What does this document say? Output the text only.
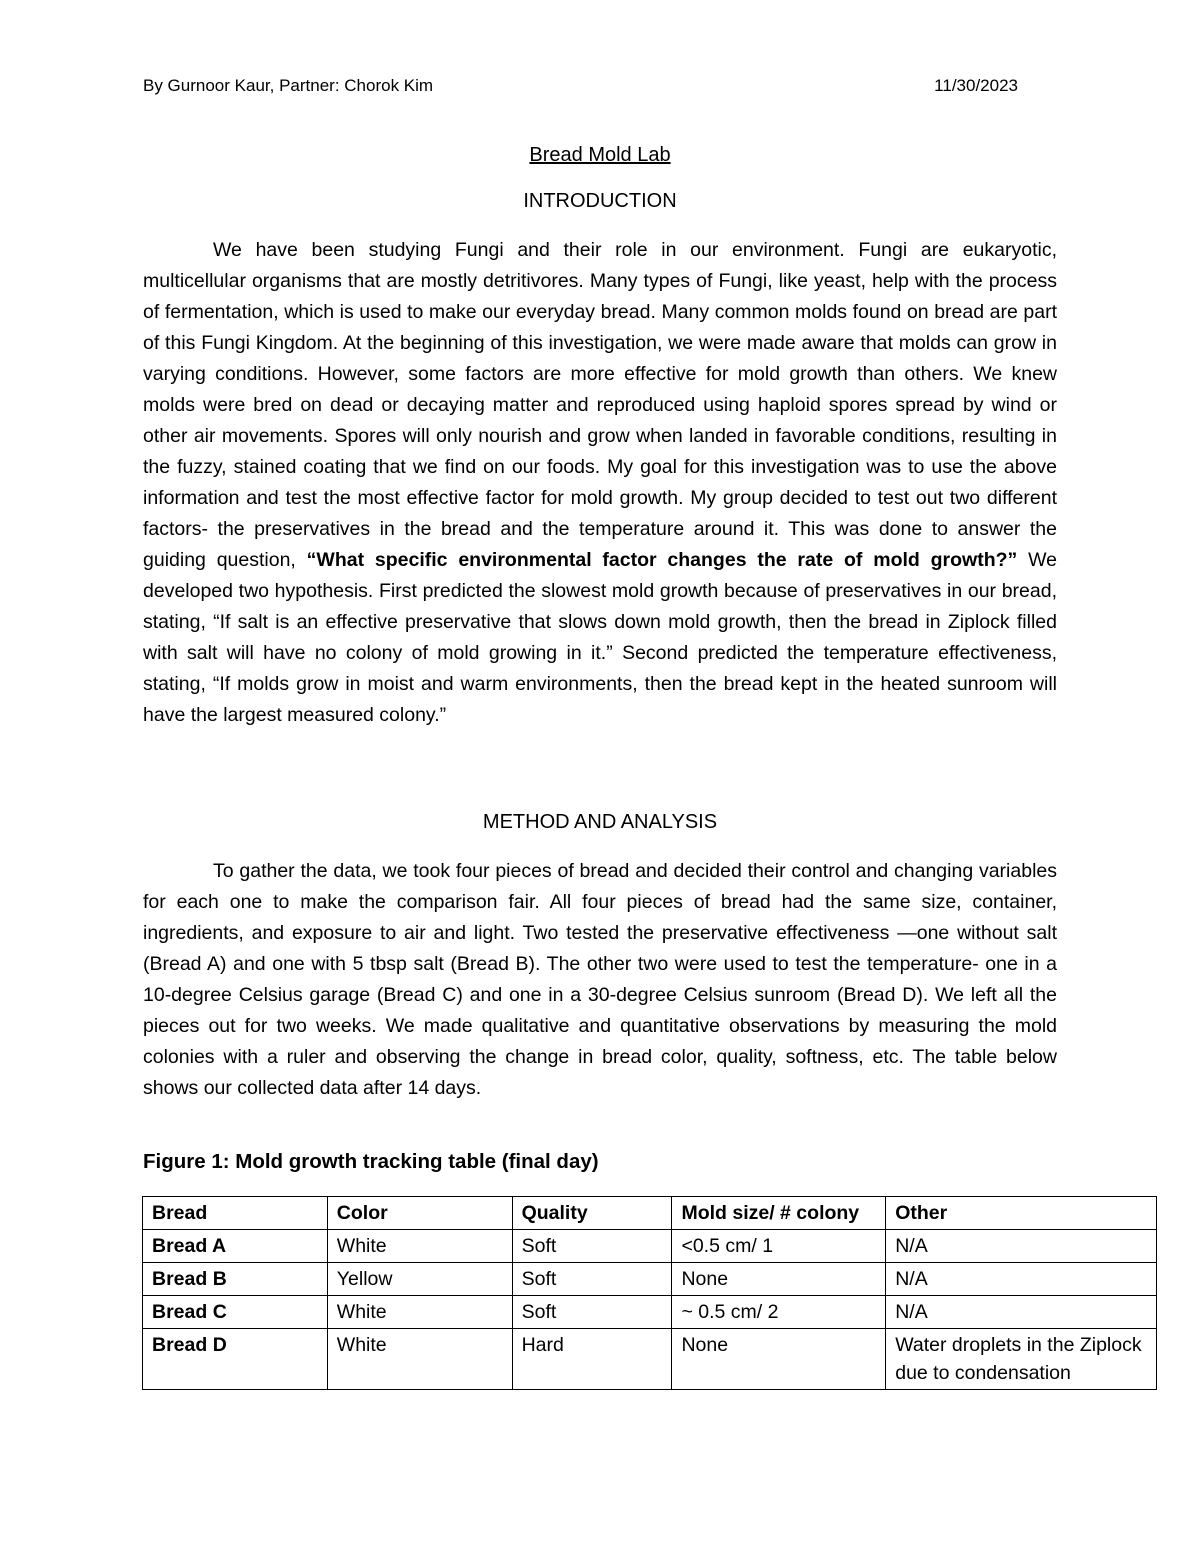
By Gurnoor Kaur, Partner: Chorok Kim	11/30/2023
Bread Mold Lab
INTRODUCTION

We have been studying Fungi and their role in our environment. Fungi are eukaryotic, multicellular organisms that are mostly detritivores. Many types of Fungi, like yeast, help with the process of fermentation, which is used to make our everyday bread. Many common molds found on bread are part of this Fungi Kingdom. At the beginning of this investigation, we were made aware that molds can grow in varying conditions. However, some factors are more effective for mold growth than others. We knew molds were bred on dead or decaying matter and reproduced using haploid spores spread by wind or other air movements. Spores will only nourish and grow when landed in favorable conditions, resulting in the fuzzy, stained coating that we find on our foods. My goal for this investigation was to use the above information and test the most effective factor for mold growth. My group decided to test out two different factors- the preservatives in the bread and the temperature around it. This was done to answer the guiding question, “What specific environmental factor changes the rate of mold growth?” We developed two hypothesis. First predicted the slowest mold growth because of preservatives in our bread, stating, “If salt is an effective preservative that slows down mold growth, then the bread in Ziplock filled with salt will have no colony of mold growing in it.” Second predicted the temperature effectiveness, stating, “If molds grow in moist and warm environments, then the bread kept in the heated sunroom will have the largest measured colony.”

METHOD AND ANALYSIS

To gather the data, we took four pieces of bread and decided their control and changing variables for each one to make the comparison fair. All four pieces of bread had the same size, container, ingredients, and exposure to air and light. Two tested the preservative effectiveness —one without salt (Bread A) and one with 5 tbsp salt (Bread B). The other two were used to test the temperature- one in a 10-degree Celsius garage (Bread C) and one in a 30-degree Celsius sunroom (Bread D). We left all the pieces out for two weeks. We made qualitative and quantitative observations by measuring the mold colonies with a ruler and observing the change in bread color, quality, softness, etc. The table below shows our collected data after 14 days.

Figure 1: Mold growth tracking table (final day)
Bread	Color	Quality	Mold size/ # colony	Other
Bread A	White	Soft	<0.5 cm/ 1	N/A
Bread B	Yellow	Soft	None	N/A
Bread C	White	Soft	~ 0.5 cm/ 2	N/A
Bread D	White	Hard	None	Water droplets in the Ziplock due to condensation
